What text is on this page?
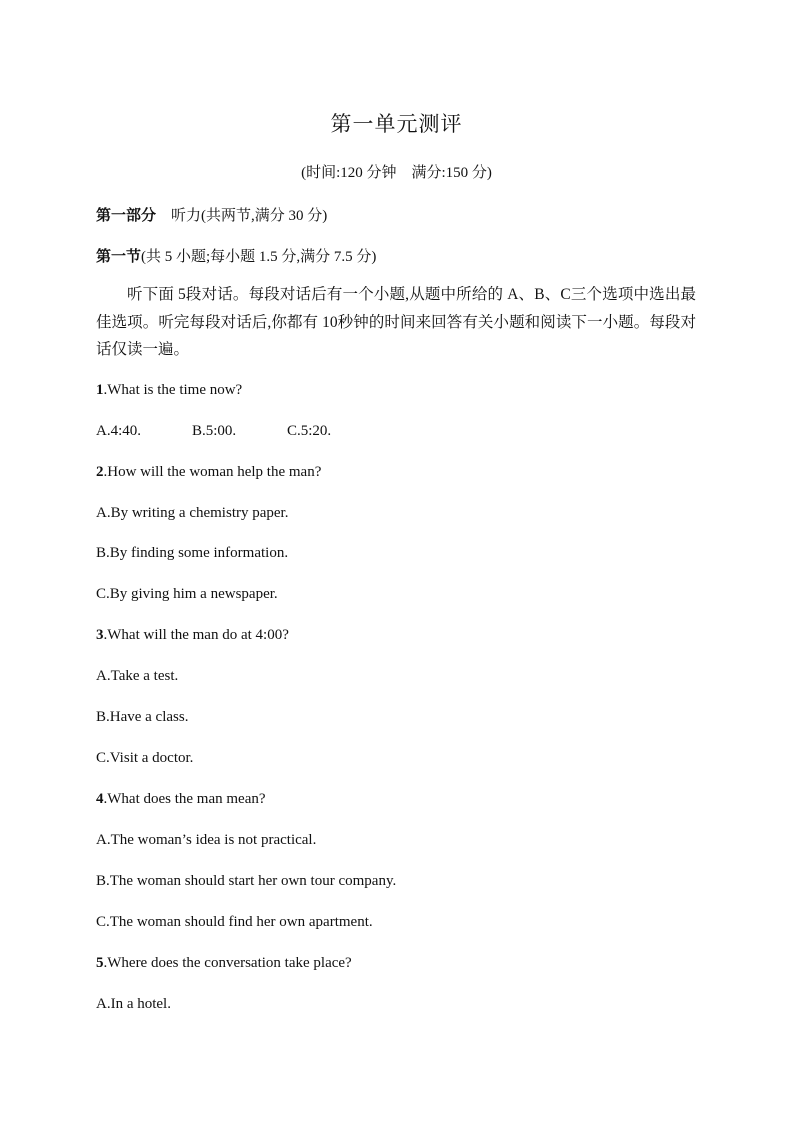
第一单元测评
(时间:120 分钟　满分:150 分)
第一部分　 听力(共两节,满分 30 分)
第一节(共 5 小题;每小题 1.5 分,满分 7.5 分)
听下面 5段对话。每段对话后有一个小题,从题中所给的 A、B、C三个选项中选出最佳选项。听完每段对话后,你都有 10秒钟的时间来回答有关小题和阅读下一小题。每段对话仅读一遍。
1.What is the time now?

A.4:40.

	B.5:00.

	C.5:20.

2.How will the woman help the man?
A.By writing a chemistry paper.
B.By finding some information.
C.By giving him a newspaper.
3.What will the man do at 4:00?
A.Take a test.
B.Have a class.
C.Visit a doctor.
4.What does the man mean?
A.The woman’s idea is not practical.
B.The woman should start her own tour company.
C.The woman should find her own apartment.
5.Where does the conversation take place?
A.In a hotel.
